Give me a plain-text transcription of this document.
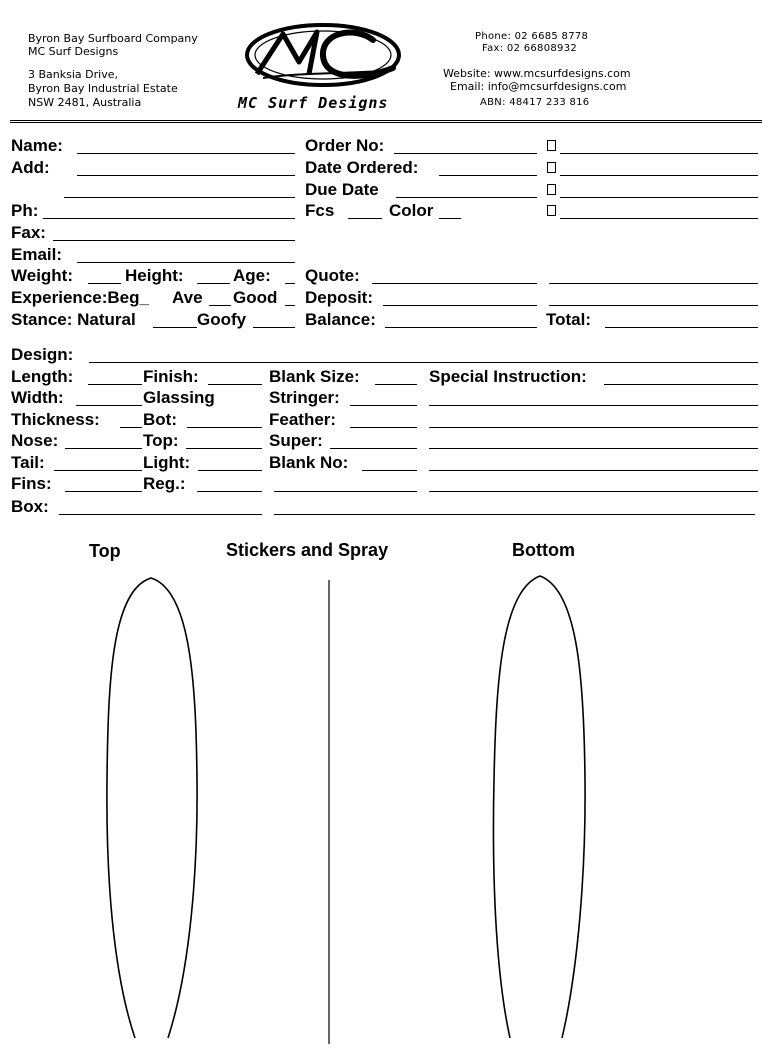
Byron Bay Surfboard Company
MC Surf Designs
3 Banksia Drive,
Byron Bay Industrial Estate
NSW 2481, Australia	MC Surf Designs
Phone: 02 6685 8778
Fax: 02 66808932
Website: www.mcsurfdesigns.com
Email: info@mcsurfdesigns.com
ABN: 48417 233 816
Name:
Add:
Ph:
Fax:
Email:
Weight:	Height:	Age:
Experience:Beg_ Ave Good
Stance: Natural	Goofy
Order No:
Date Ordered:
Due Date
Fcs	Color
Quote:
Deposit:
Balance:	Total:
Design:
Length:	Finish:	Blank Size:	Special Instruction:
Width:	Glassing	Stringer:
Thickness:	Bot:	Feather:
Nose:	Top:	Super:
Tail:	Light:	Blank No:
Fins:	Reg.:
Box:
Top	Stickers and Spray	Bottom
